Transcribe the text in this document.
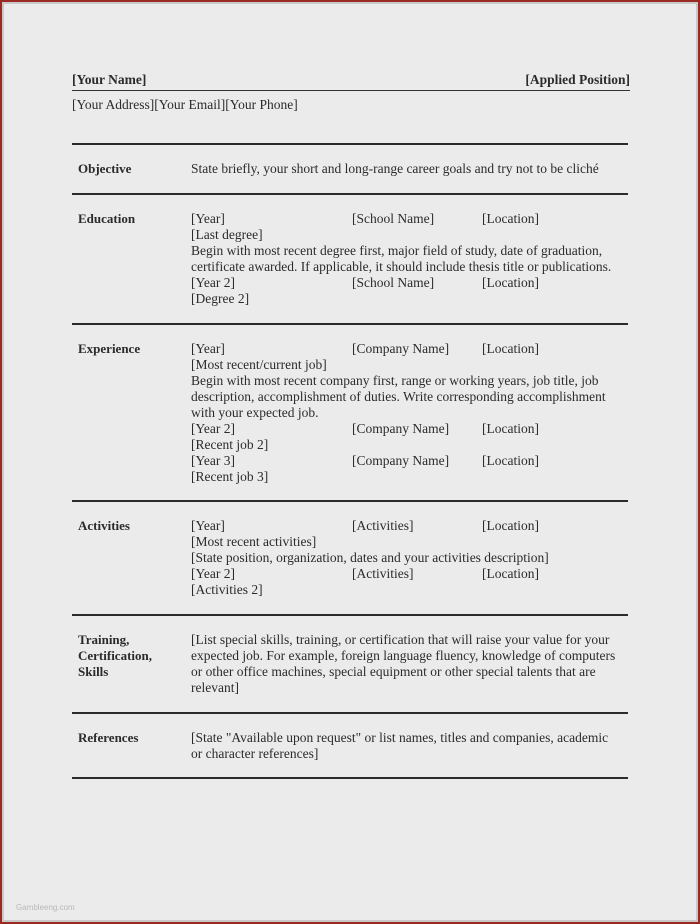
[Your Name]	[Applied Position]
[Your Address][Your Email][Your Phone]
Objective	State briefly, your short and long-range career goals and try not to be cliché

Education	[Year]	[School Name]	[Location]

[Last degree]

Begin with most recent degree first, major field of study, date of graduation,

certificate awarded. If applicable, it should include thesis title or publications.

[Year 2]	[School Name]	[Location]

[Degree 2]

Experience	[Year]	[Company Name] [Location]

[Most recent/current job]

Begin with most recent company first, range or working years, job title, job

description, accomplishment of duties. Write corresponding accomplishment

with your expected job.

[Year 2]	[Company Name] [Location]

[Recent job 2]

[Year 3]	[Company Name] [Location]

[Recent job 3]

Activities	[Year]	[Activities]	[Location]

[Most recent activities]

[State position, organization, dates and your activities description]

[Year 2]	[Activities]	[Location]

[Activities 2]

Training,
Certification,
Skills

[List special skills, training, or certification that will raise your value for your

expected job. For example, foreign language fluency, knowledge of computers

or other office machines, special equipment or other special talents that are

relevant]

References	[State "Available upon request" or list names, titles and companies, academic

or character references]

Gambleeng.com
